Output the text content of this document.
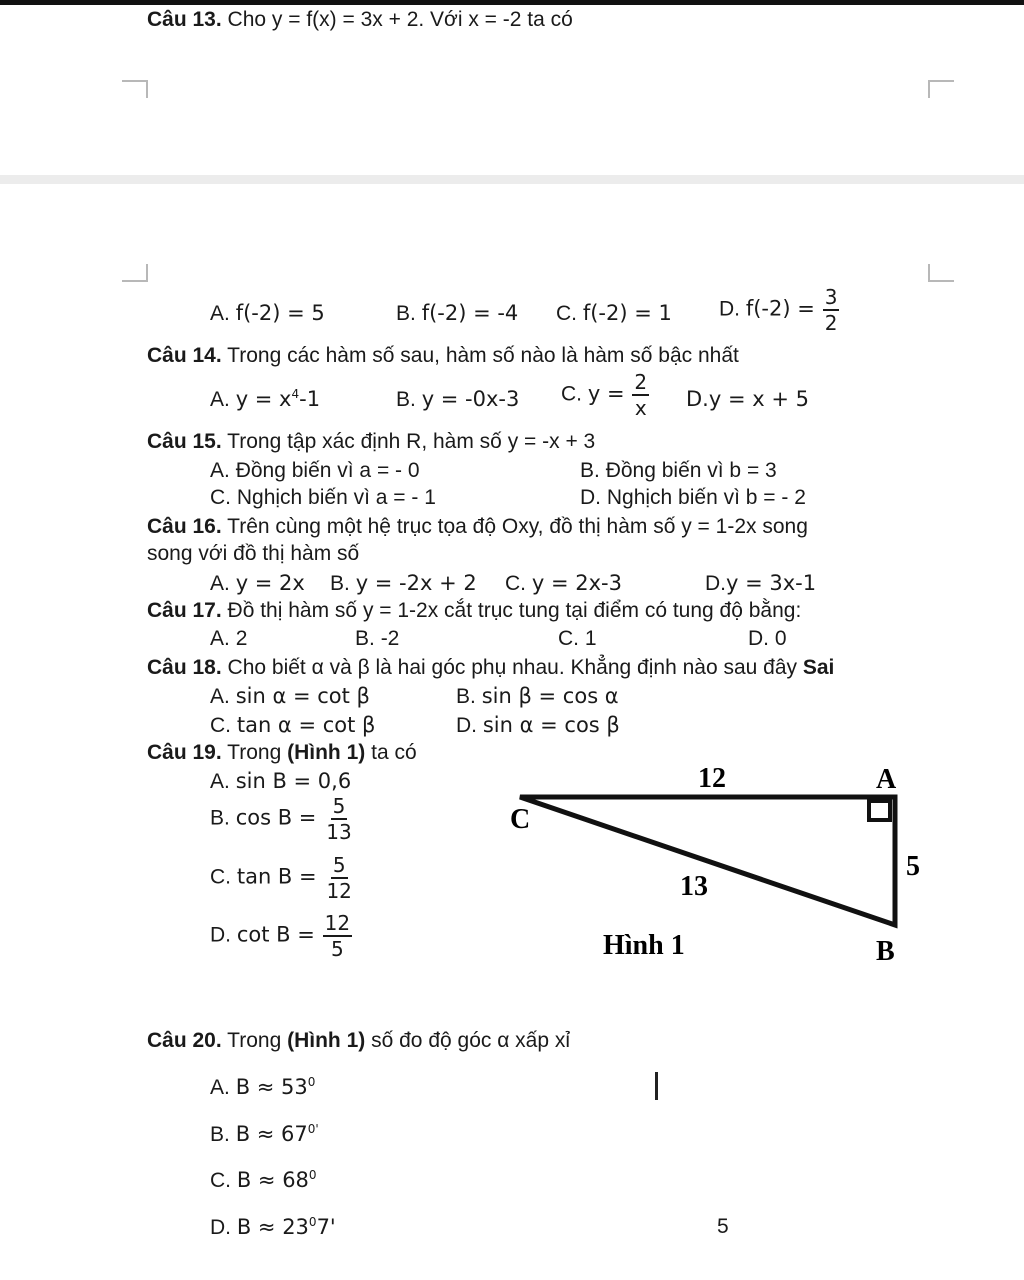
Câu 13. Cho y = f(x) = 3x + 2. Với x = -2 ta có
A. f(-2) = 5	B. f(-2) = -4 C. f(-2) = 1 D. $f(-2) = \frac{3}{2}$
Câu 14. Trong các hàm số sau, hàm số nào là hàm số bậc nhất
A. $y = x^4-1$	B. y = -0x-3 C. $y = \frac{2}{x} D.y = x + 5$
Câu 15. Trong tập xác định R, hàm số y = -x + 3
A. Đồng biến vì a = - 0	B. Đồng biến vì b = 3
C. Nghịch biến vì a = - 1	D. Nghịch biến vì b = - 2
Câu 16. Trên cùng một hệ trục tọa độ Oxy, đồ thị hàm số y = 1-2x song
song với đồ thị hàm số
A. y = 2x B. y = -2x + 2 C. y = 2x-3	D.y = 3x-1
Câu 17. Đồ thị hàm số y = 1-2x cắt trục tung tại điểm có tung độ bằng:
A. 2	B. -2	C. 1	D. 0
Câu 18. Cho biết α và β là hai góc phụ nhau. Khẳng định nào sau đây Sai
A. sin α = cot β	B. sin β = cos α
C. tan α = cot β	D. sin α = cos β
Câu 19. Trong (Hình 1) ta có
A. sin B = 0,6
B. $\cos B = \frac{5}{13}$
C. $\tan B = \frac{5}{12}$
D. $\cot B = \frac{12}{5}$
12	A
C
5
13
Hình 1	B
Câu 20. Trong (Hình 1) số đo độ góc α xấp xỉ
A. $B \approx 53^0$
B. $B \approx 67^{0'}$
C. $B \approx 68^0$
D. $B \approx 23^07'$	5
